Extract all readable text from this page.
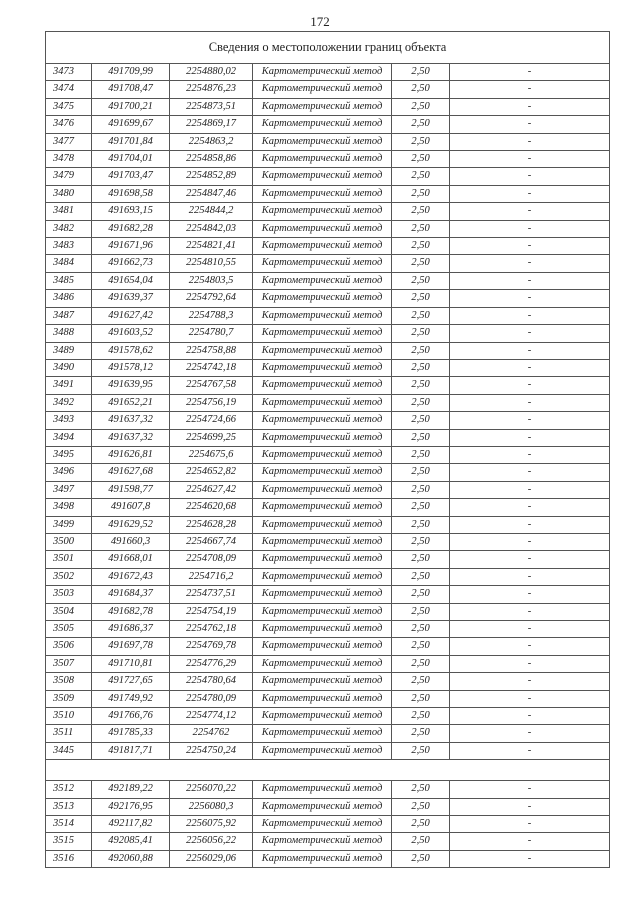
172
Сведения о местоположении границ объекта					
3473	491709,99	2254880,02	Картометрический метод	2,50	-
3474	491708,47	2254876,23	Картометрический метод	2,50	-
3475	491700,21	2254873,51	Картометрический метод	2,50	-
3476	491699,67	2254869,17	Картометрический метод	2,50	-
3477	491701,84	2254863,2	Картометрический метод	2,50	-
3478	491704,01	2254858,86	Картометрический метод	2,50	-
3479	491703,47	2254852,89	Картометрический метод	2,50	-
3480	491698,58	2254847,46	Картометрический метод	2,50	-
3481	491693,15	2254844,2	Картометрический метод	2,50	-
3482	491682,28	2254842,03	Картометрический метод	2,50	-
3483	491671,96	2254821,41	Картометрический метод	2,50	-
3484	491662,73	2254810,55	Картометрический метод	2,50	-
3485	491654,04	2254803,5	Картометрический метод	2,50	-
3486	491639,37	2254792,64	Картометрический метод	2,50	-
3487	491627,42	2254788,3	Картометрический метод	2,50	-
3488	491603,52	2254780,7	Картометрический метод	2,50	-
3489	491578,62	2254758,88	Картометрический метод	2,50	-
3490	491578,12	2254742,18	Картометрический метод	2,50	-
3491	491639,95	2254767,58	Картометрический метод	2,50	-
3492	491652,21	2254756,19	Картометрический метод	2,50	-
3493	491637,32	2254724,66	Картометрический метод	2,50	-
3494	491637,32	2254699,25	Картометрический метод	2,50	-
3495	491626,81	2254675,6	Картометрический метод	2,50	-
3496	491627,68	2254652,82	Картометрический метод	2,50	-
3497	491598,77	2254627,42	Картометрический метод	2,50	-
3498	491607,8	2254620,68	Картометрический метод	2,50	-
3499	491629,52	2254628,28	Картометрический метод	2,50	-
3500	491660,3	2254667,74	Картометрический метод	2,50	-
3501	491668,01	2254708,09	Картометрический метод	2,50	-
3502	491672,43	2254716,2	Картометрический метод	2,50	-
3503	491684,37	2254737,51	Картометрический метод	2,50	-
3504	491682,78	2254754,19	Картометрический метод	2,50	-
3505	491686,37	2254762,18	Картометрический метод	2,50	-
3506	491697,78	2254769,78	Картометрический метод	2,50	-
3507	491710,81	2254776,29	Картометрический метод	2,50	-
3508	491727,65	2254780,64	Картометрический метод	2,50	-
3509	491749,92	2254780,09	Картометрический метод	2,50	-
3510	491766,76	2254774,12	Картометрический метод	2,50	-
3511	491785,33	2254762	Картометрический метод	2,50	-
3445	491817,71	2254750,24	Картометрический метод	2,50	-

3512	492189,22	2256070,22	Картометрический метод	2,50	-
3513	492176,95	2256080,3	Картометрический метод	2,50	-
3514	492117,82	2256075,92	Картометрический метод	2,50	-
3515	492085,41	2256056,22	Картометрический метод	2,50	-
3516	492060,88	2256029,06	Картометрический метод	2,50	-
